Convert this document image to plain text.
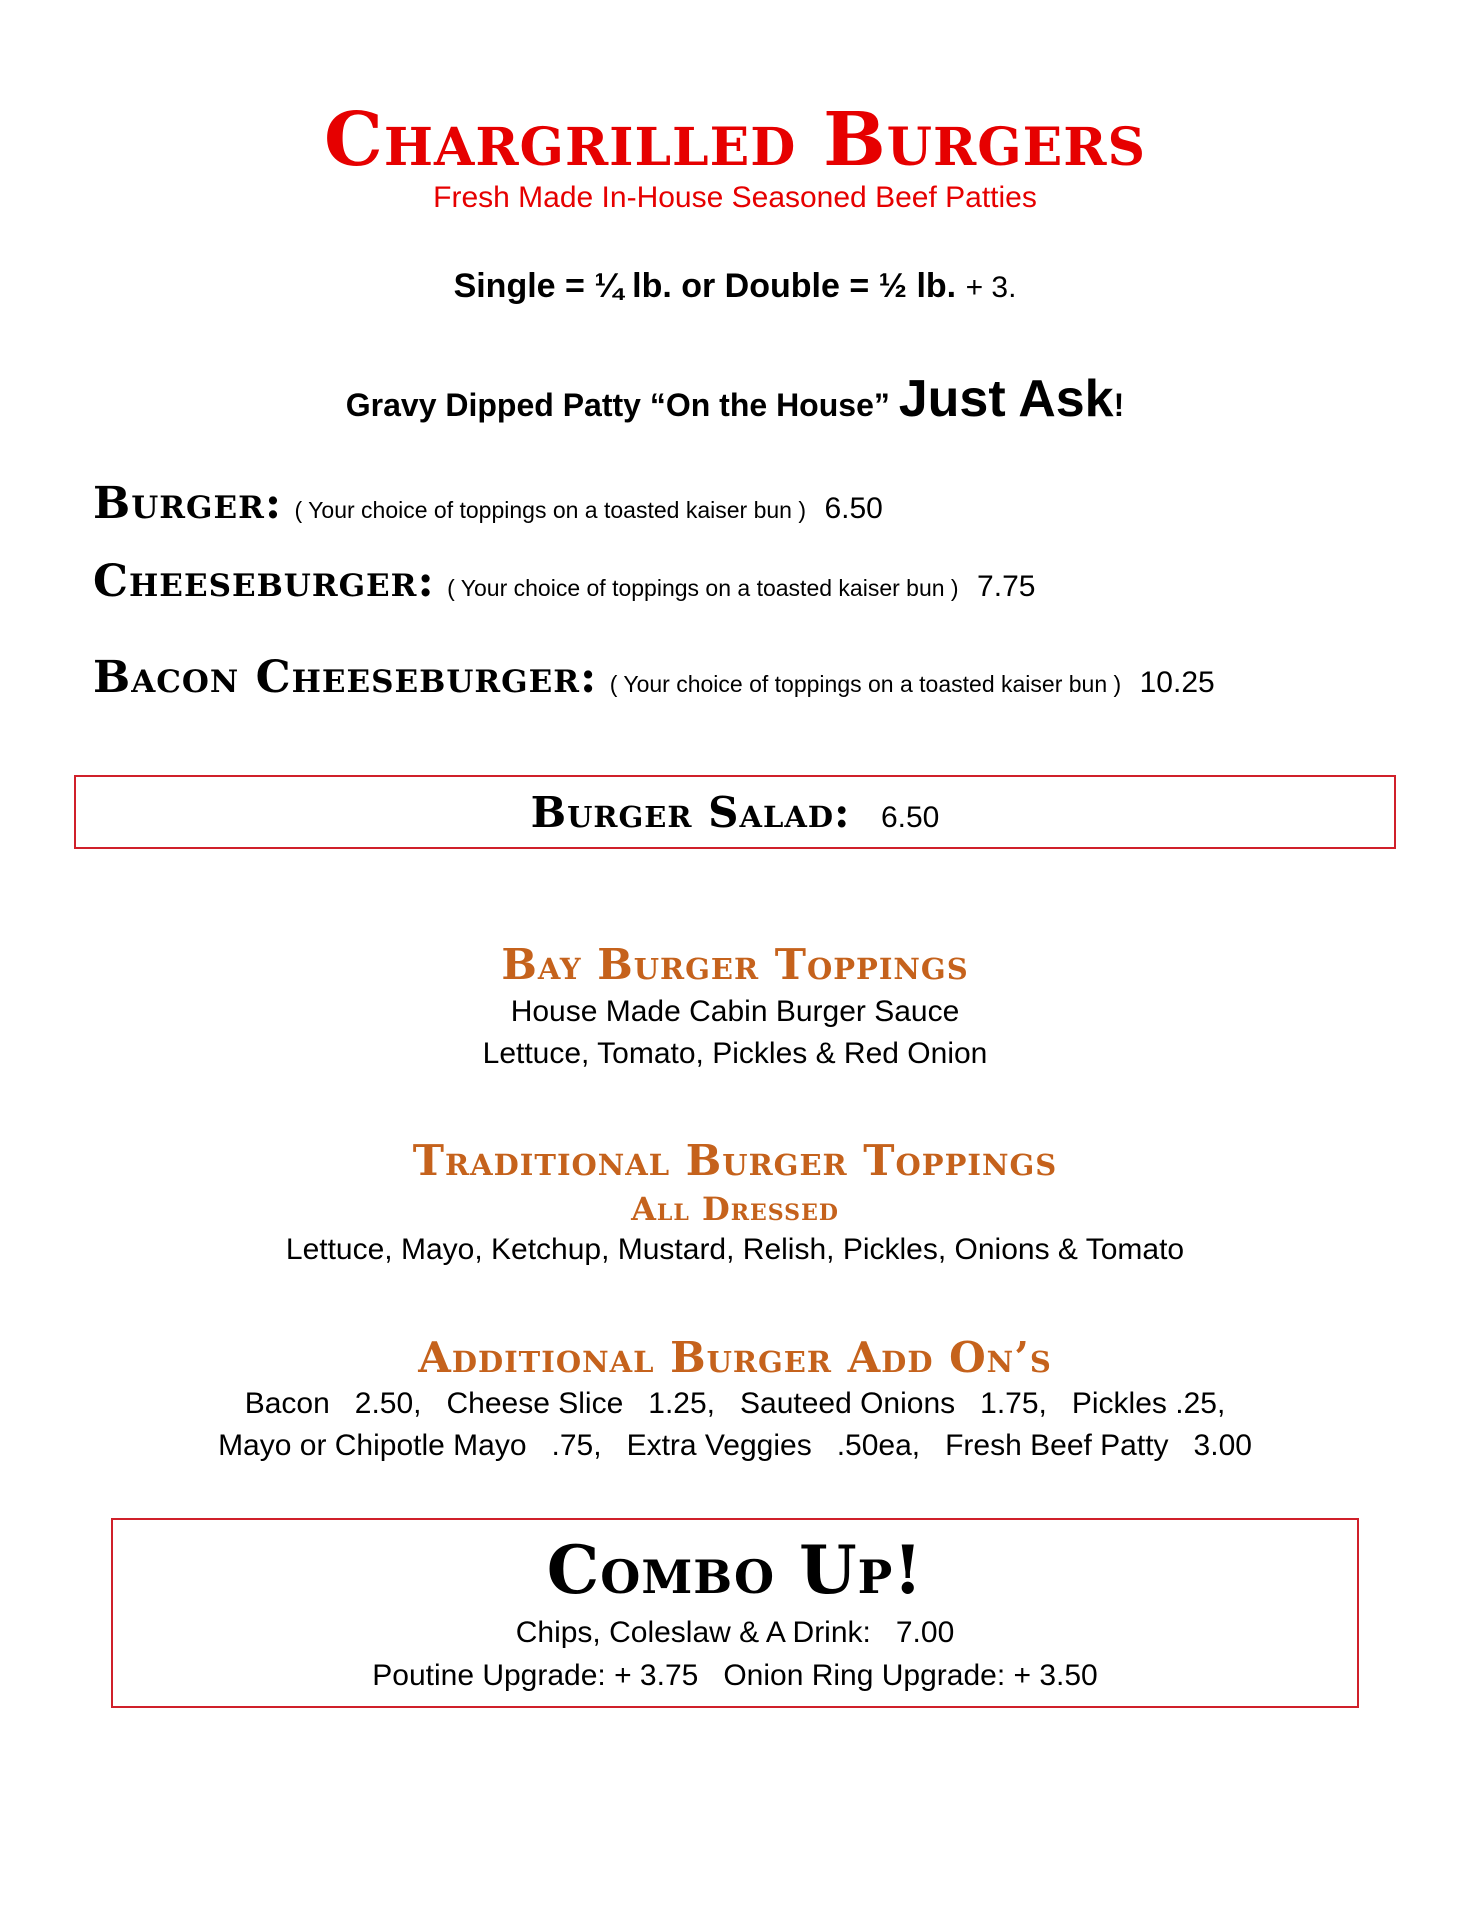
Chargrilled Burgers
Fresh Made In-House Seasoned Beef Patties
Single = ¼ lb. or Double = ½ lb. + 3.
Gravy Dipped Patty “On the House” Just Ask!
Burger: ( Your choice of toppings on a toasted kaiser bun ) 6.50
Cheeseburger: ( Your choice of toppings on a toasted kaiser bun ) 7.75
Bacon Cheeseburger: ( Your choice of toppings on a toasted kaiser bun ) 10.25
Burger Salad: 6.50
Bay Burger Toppings
House Made Cabin Burger Sauce
Lettuce, Tomato, Pickles & Red Onion
Traditional Burger Toppings
All Dressed
Lettuce, Mayo, Ketchup, Mustard, Relish, Pickles, Onions & Tomato
Additional Burger Add On’s
Bacon   2.50,   Cheese Slice   1.25,   Sauteed Onions   1.75,   Pickles .25,
Mayo or Chipotle Mayo   .75,   Extra Veggies   .50ea,   Fresh Beef Patty   3.00
Combo Up!
Chips, Coleslaw & A Drink:   7.00
Poutine Upgrade: + 3.75   Onion Ring Upgrade: + 3.50
